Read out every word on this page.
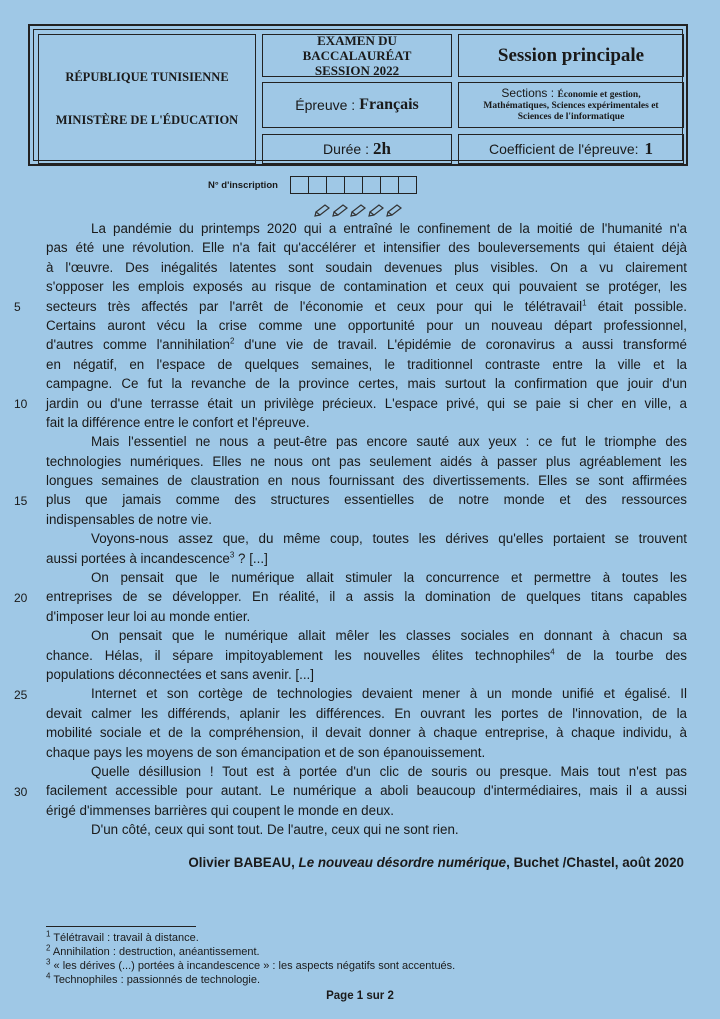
RÉPUBLIQUE TUNISIENNE
MINISTÈRE DE L'ÉDUCATION
EXAMEN DU BACCALAURÉAT
SESSION 2022
Session principale
Épreuve : Français
Sections : Économie et gestion,
Mathématiques, Sciences expérimentales et
Sciences de l'informatique
Durée : 2h	Coefficient de l'épreuve: 1
N° d'inscription
5
10
15
20
25
30
La pandémie du printemps 2020 qui a entraîné le confinement de la moitié de l'humanité n'a
pas été une révolution. Elle n'a fait qu'accélérer et intensifier des bouleversements qui étaient déjà
à l'œuvre. Des inégalités latentes sont soudain devenues plus visibles. On a vu clairement
s'opposer les emplois exposés au risque de contamination et ceux qui pouvaient se protéger, les
secteurs très affectés par l'arrêt de l'économie et ceux pour qui le télétravail$^1$ était possible.
Certains auront vécu la crise comme une opportunité pour un nouveau départ professionnel,
d'autres comme l'annihilation$^2$ d'une vie de travail. L'épidémie de coronavirus a aussi transformé
en négatif, en l'espace de quelques semaines, le traditionnel contraste entre la ville et la
campagne. Ce fut la revanche de la province certes, mais surtout la confirmation que jouir d'un
jardin ou d'une terrasse était un privilège précieux. L'espace privé, qui se paie si cher en ville, a
fait la différence entre le confort et l'épreuve.
Mais l'essentiel ne nous a peut-être pas encore sauté aux yeux : ce fut le triomphe des
technologies numériques. Elles ne nous ont pas seulement aidés à passer plus agréablement les
longues semaines de claustration en nous fournissant des divertissements. Elles se sont affirmées
plus que jamais comme des structures essentielles de notre monde et des ressources
indispensables de notre vie.
Voyons-nous assez que, du même coup, toutes les dérives qu'elles portaient se trouvent
aussi portées à incandescence$^3$ ? [...]
On pensait que le numérique allait stimuler la concurrence et permettre à toutes les
entreprises de se développer. En réalité, il a assis la domination de quelques titans capables
d'imposer leur loi au monde entier.
On pensait que le numérique allait mêler les classes sociales en donnant à chacun sa
chance. Hélas, il sépare impitoyablement les nouvelles élites technophiles$^4$ de la tourbe des
populations déconnectées et sans avenir. [...]
Internet et son cortège de technologies devaient mener à un monde unifié et égalisé. Il
devait calmer les différends, aplanir les différences. En ouvrant les portes de l'innovation, de la
mobilité sociale et de la compréhension, il devait donner à chaque entreprise, à chaque individu, à
chaque pays les moyens de son émancipation et de son épanouissement.
Quelle désillusion ! Tout est à portée d'un clic de souris ou presque. Mais tout n'est pas
facilement accessible pour autant. Le numérique a aboli beaucoup d'intermédiaires, mais il a aussi
érigé d'immenses barrières qui coupent le monde en deux.
D'un côté, ceux qui sont tout. De l'autre, ceux qui ne sont rien.
Olivier BABEAU, Le nouveau désordre numérique, Buchet /Chastel, août 2020
$^1$ Télétravail : travail à distance.
$^2$ Annihilation : destruction, anéantissement.
$^3$ « les dérives (...) portées à incandescence » : les aspects négatifs sont accentués.
$^4$ Technophiles : passionnés de technologie.
Page 1 sur 2
